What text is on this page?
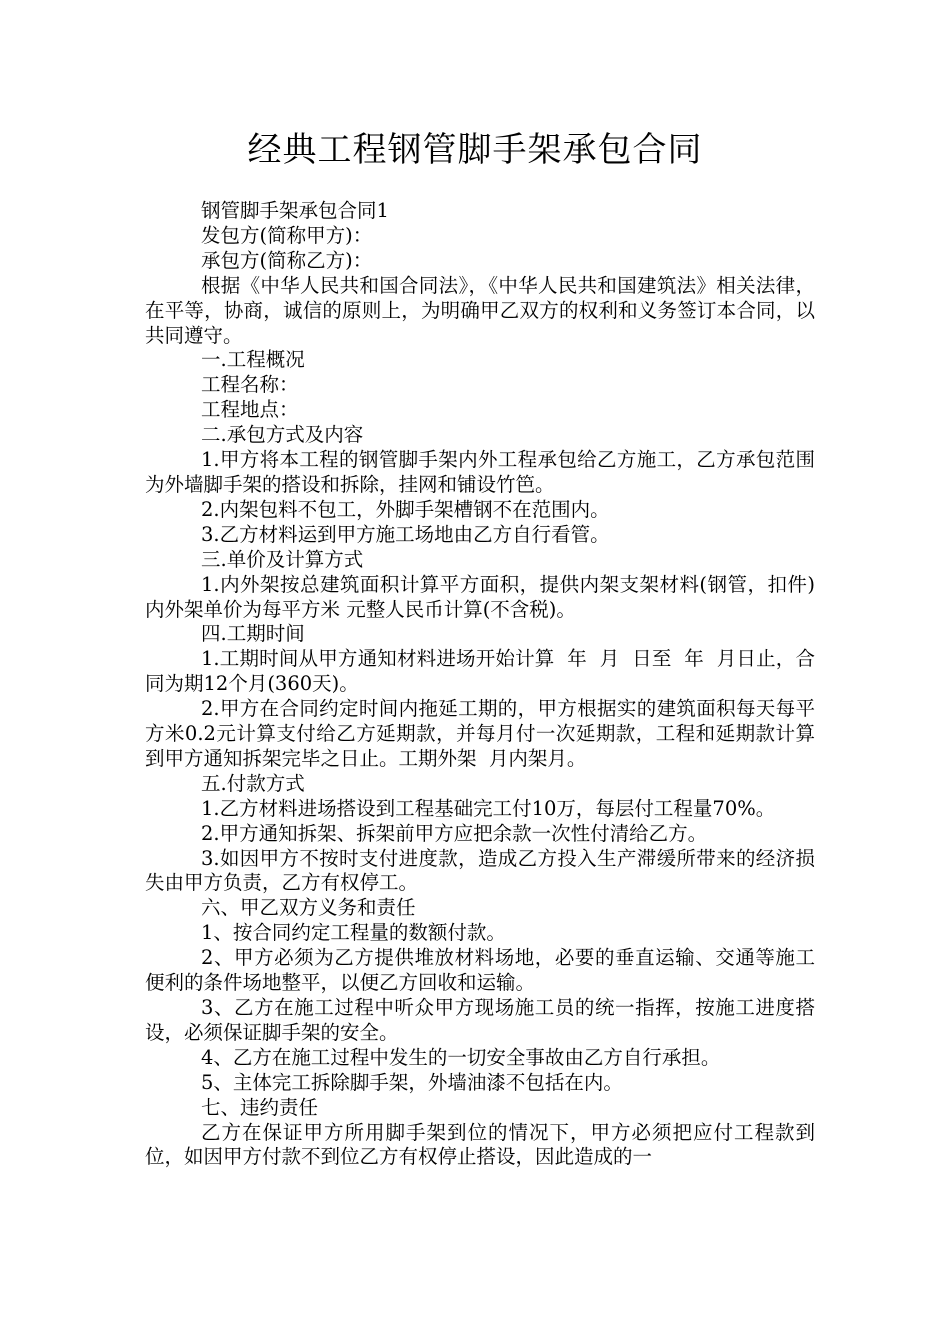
经典工程钢管脚手架承包合同

钢管脚手架承包合同1

发包方(简称甲方)：

承包方(简称乙方)：

根据《中华人民共和国合同法》，《中华人民共和国建筑法》相关法律，在平等，协商，诚信的原则上，为明确甲乙双方的权利和义务签订本合同，以共同遵守。

一.工程概况

工程名称：

工程地点：

二.承包方式及内容

1.甲方将本工程的钢管脚手架内外工程承包给乙方施工，乙方承包范围为外墙脚手架的搭设和拆除，挂网和铺设竹笆。

2.内架包料不包工，外脚手架槽钢不在范围内。

3.乙方材料运到甲方施工场地由乙方自行看管。

三.单价及计算方式

1.内外架按总建筑面积计算平方面积，提供内架支架材料(钢管，扣件)内外架单价为每平方米 元整人民币计算(不含税)。

四.工期时间

1.工期时间从甲方通知材料进场开始计算  年  月  日至  年  月日止，合同为期12个月(360天)。

2.甲方在合同约定时间内拖延工期的，甲方根据实的建筑面积每天每平方米0.2元计算支付给乙方延期款，并每月付一次延期款，工程和延期款计算到甲方通知拆架完毕之日止。工期外架  月内架月。

五.付款方式

1.乙方材料进场搭设到工程基础完工付10万，每层付工程量70%。

2.甲方通知拆架、拆架前甲方应把余款一次性付清给乙方。

3.如因甲方不按时支付进度款，造成乙方投入生产滞缓所带来的经济损失由甲方负责，乙方有权停工。

六、甲乙双方义务和责任

1、按合同约定工程量的数额付款。

2、甲方必须为乙方提供堆放材料场地，必要的垂直运输、交通等施工便利的条件场地整平，以便乙方回收和运输。

3、乙方在施工过程中听众甲方现场施工员的统一指挥，按施工进度搭设，必须保证脚手架的安全。

4、乙方在施工过程中发生的一切安全事故由乙方自行承担。

5、主体完工拆除脚手架，外墙油漆不包括在内。

七、违约责任

乙方在保证甲方所用脚手架到位的情况下，甲方必须把应付工程款到位，如因甲方付款不到位乙方有权停止搭设，因此造成的一
